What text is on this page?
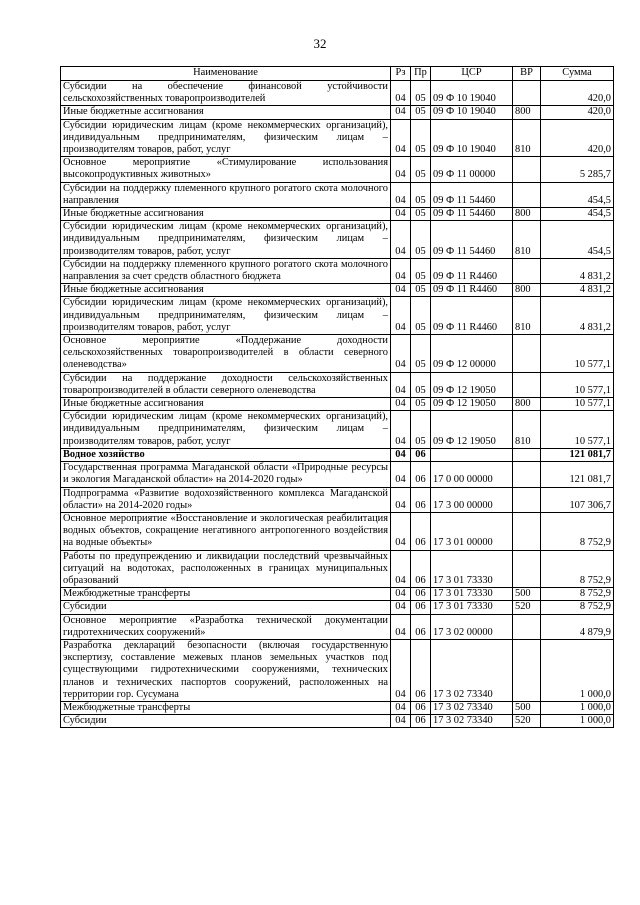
32
Наименование	Рз	Пр	ЦСР	ВР	Сумма
Субсидии на обеспечение финансовой устойчивости сельскохозяйственных товаропроизводителей	04	05	09 Ф 10 19040		420,0
Иные бюджетные ассигнования	04	05	09 Ф 10 19040	800	420,0
Субсидии юридическим лицам (кроме некоммерческих организаций), индивидуальным предпринимателям, физическим лицам – производителям товаров, работ, услуг	04	05	09 Ф 10 19040	810	420,0
Основное мероприятие «Стимулирование использования высокопродуктивных животных»	04	05	09 Ф 11 00000		5 285,7
Субсидии на поддержку племенного крупного рогатого скота молочного направления	04	05	09 Ф 11 54460		454,5
Иные бюджетные ассигнования	04	05	09 Ф 11 54460	800	454,5
Субсидии юридическим лицам (кроме некоммерческих организаций), индивидуальным предпринимателям, физическим лицам – производителям товаров, работ, услуг	04	05	09 Ф 11 54460	810	454,5
Субсидии на поддержку племенного крупного рогатого скота молочного направления за счет средств областного бюджета	04	05	09 Ф 11 R4460		4 831,2
Иные бюджетные ассигнования	04	05	09 Ф 11 R4460	800	4 831,2
Субсидии юридическим лицам (кроме некоммерческих организаций), индивидуальным предпринимателям, физическим лицам – производителям товаров, работ, услуг	04	05	09 Ф 11 R4460	810	4 831,2
Основное мероприятие «Поддержание доходности сельскохозяйственных товаропроизводителей в области северного оленеводства»	04	05	09 Ф 12 00000		10 577,1
Субсидии на поддержание доходности сельскохозяйственных товаропроизводителей в области северного оленеводства	04	05	09 Ф 12 19050		10 577,1
Иные бюджетные ассигнования	04	05	09 Ф 12 19050	800	10 577,1
Субсидии юридическим лицам (кроме некоммерческих организаций), индивидуальным предпринимателям, физическим лицам – производителям товаров, работ, услуг	04	05	09 Ф 12 19050	810	10 577,1
Водное хозяйство	04	06			121 081,7
Государственная программа Магаданской области «Природные ресурсы и экология Магаданской области» на 2014-2020 годы»	04	06	17 0 00 00000		121 081,7
Подпрограмма «Развитие водохозяйственного комплекса Магаданской области» на 2014-2020 годы»	04	06	17 3 00 00000		107 306,7
Основное мероприятие «Восстановление и экологическая реабилитация водных объектов, сокращение негативного антропогенного воздействия на водные объекты»	04	06	17 3 01 00000		8 752,9
Работы по предупреждению и ликвидации последствий чрезвычайных ситуаций на водотоках, расположенных в границах муниципальных образований	04	06	17 3 01 73330		8 752,9
Межбюджетные трансферты	04	06	17 3 01 73330	500	8 752,9
Субсидии	04	06	17 3 01 73330	520	8 752,9
Основное мероприятие «Разработка технической документации гидротехнических сооружений»	04	06	17 3 02 00000		4 879,9
Разработка деклараций безопасности (включая государственную экспертизу, составление межевых планов земельных участков под существующими гидротехническими сооружениями, технических планов и технических паспортов сооружений, расположенных на территории гор. Сусумана	04	06	17 3 02 73340		1 000,0
Межбюджетные трансферты	04	06	17 3 02 73340	500	1 000,0
Субсидии	04	06	17 3 02 73340	520	1 000,0
